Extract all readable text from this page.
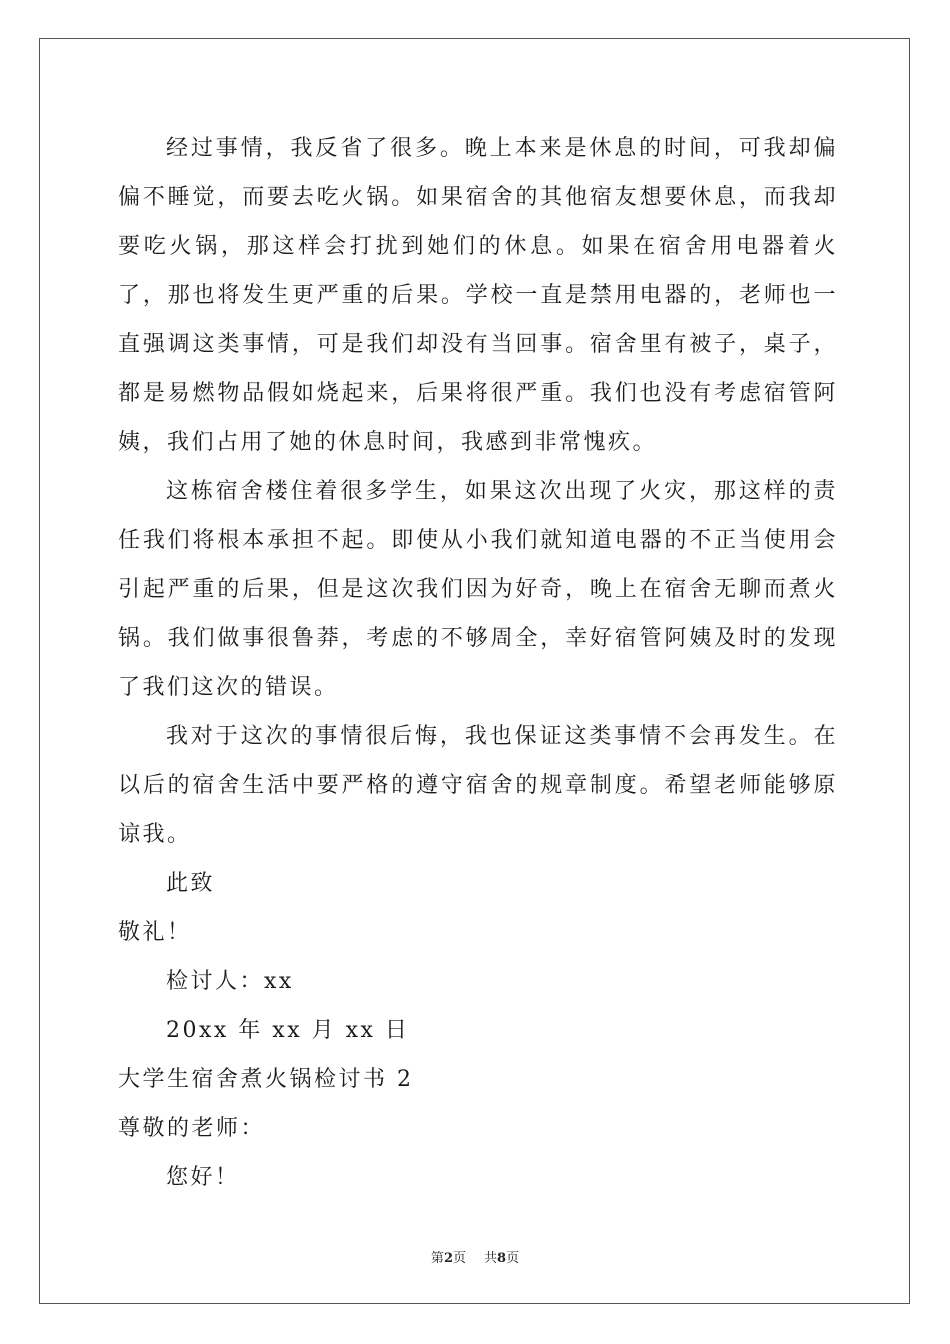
经过事情，我反省了很多。晚上本来是休息的时间，可我却偏偏不睡觉，而要去吃火锅。如果宿舍的其他宿友想要休息，而我却要吃火锅，那这样会打扰到她们的休息。如果在宿舍用电器着火了，那也将发生更严重的后果。学校一直是禁用电器的，老师也一直强调这类事情，可是我们却没有当回事。宿舍里有被子，桌子，都是易燃物品假如烧起来，后果将很严重。我们也没有考虑宿管阿姨，我们占用了她的休息时间，我感到非常愧疚。

这栋宿舍楼住着很多学生，如果这次出现了火灾，那这样的责任我们将根本承担不起。即使从小我们就知道电器的不正当使用会引起严重的后果，但是这次我们因为好奇，晚上在宿舍无聊而煮火锅。我们做事很鲁莽，考虑的不够周全，幸好宿管阿姨及时的发现了我们这次的错误。

我对于这次的事情很后悔，我也保证这类事情不会再发生。在以后的宿舍生活中要严格的遵守宿舍的规章制度。希望老师能够原谅我。

此致

敬礼！

检讨人：xx

20xx 年 xx 月 xx 日

大学生宿舍煮火锅检讨书 2

尊敬的老师：

您好！

第2页 共8页
